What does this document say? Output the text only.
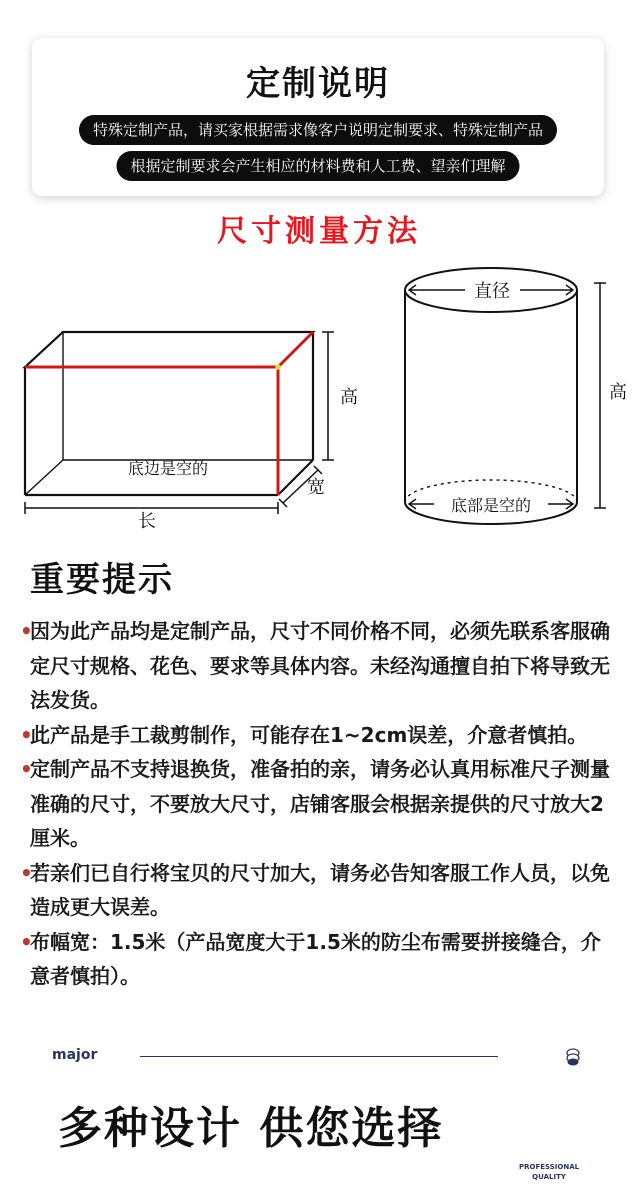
定制说明
特殊定制产品，请买家根据需求像客户说明定制要求、特殊定制产品
根据定制要求会产生相应的材料费和人工费、望亲们理解
尺寸测量方法
高
宽
长
底边是空的
直径
高
底部是空的
重要提示
•
因为此产品均是定制产品，尺寸不同价格不同，必须先联系客服确定尺寸规格、花色、要求等具体内容。未经沟通擅自拍下将导致无法发货。
•
此产品是手工裁剪制作，可能存在1~2cm误差，介意者慎拍。
•
定制产品不支持退换货，准备拍的亲，请务必认真用标准尺子测量准确的尺寸，不要放大尺寸，店铺客服会根据亲提供的尺寸放大2厘米。
•
若亲们已自行将宝贝的尺寸加大，请务必告知客服工作人员，以免造成更大误差。
•
布幅宽：1.5米（产品宽度大于1.5米的防尘布需要拼接缝合，介意者慎拍）。
major
多种设计 供您选择
PROFESSIONAL
QUALITY
